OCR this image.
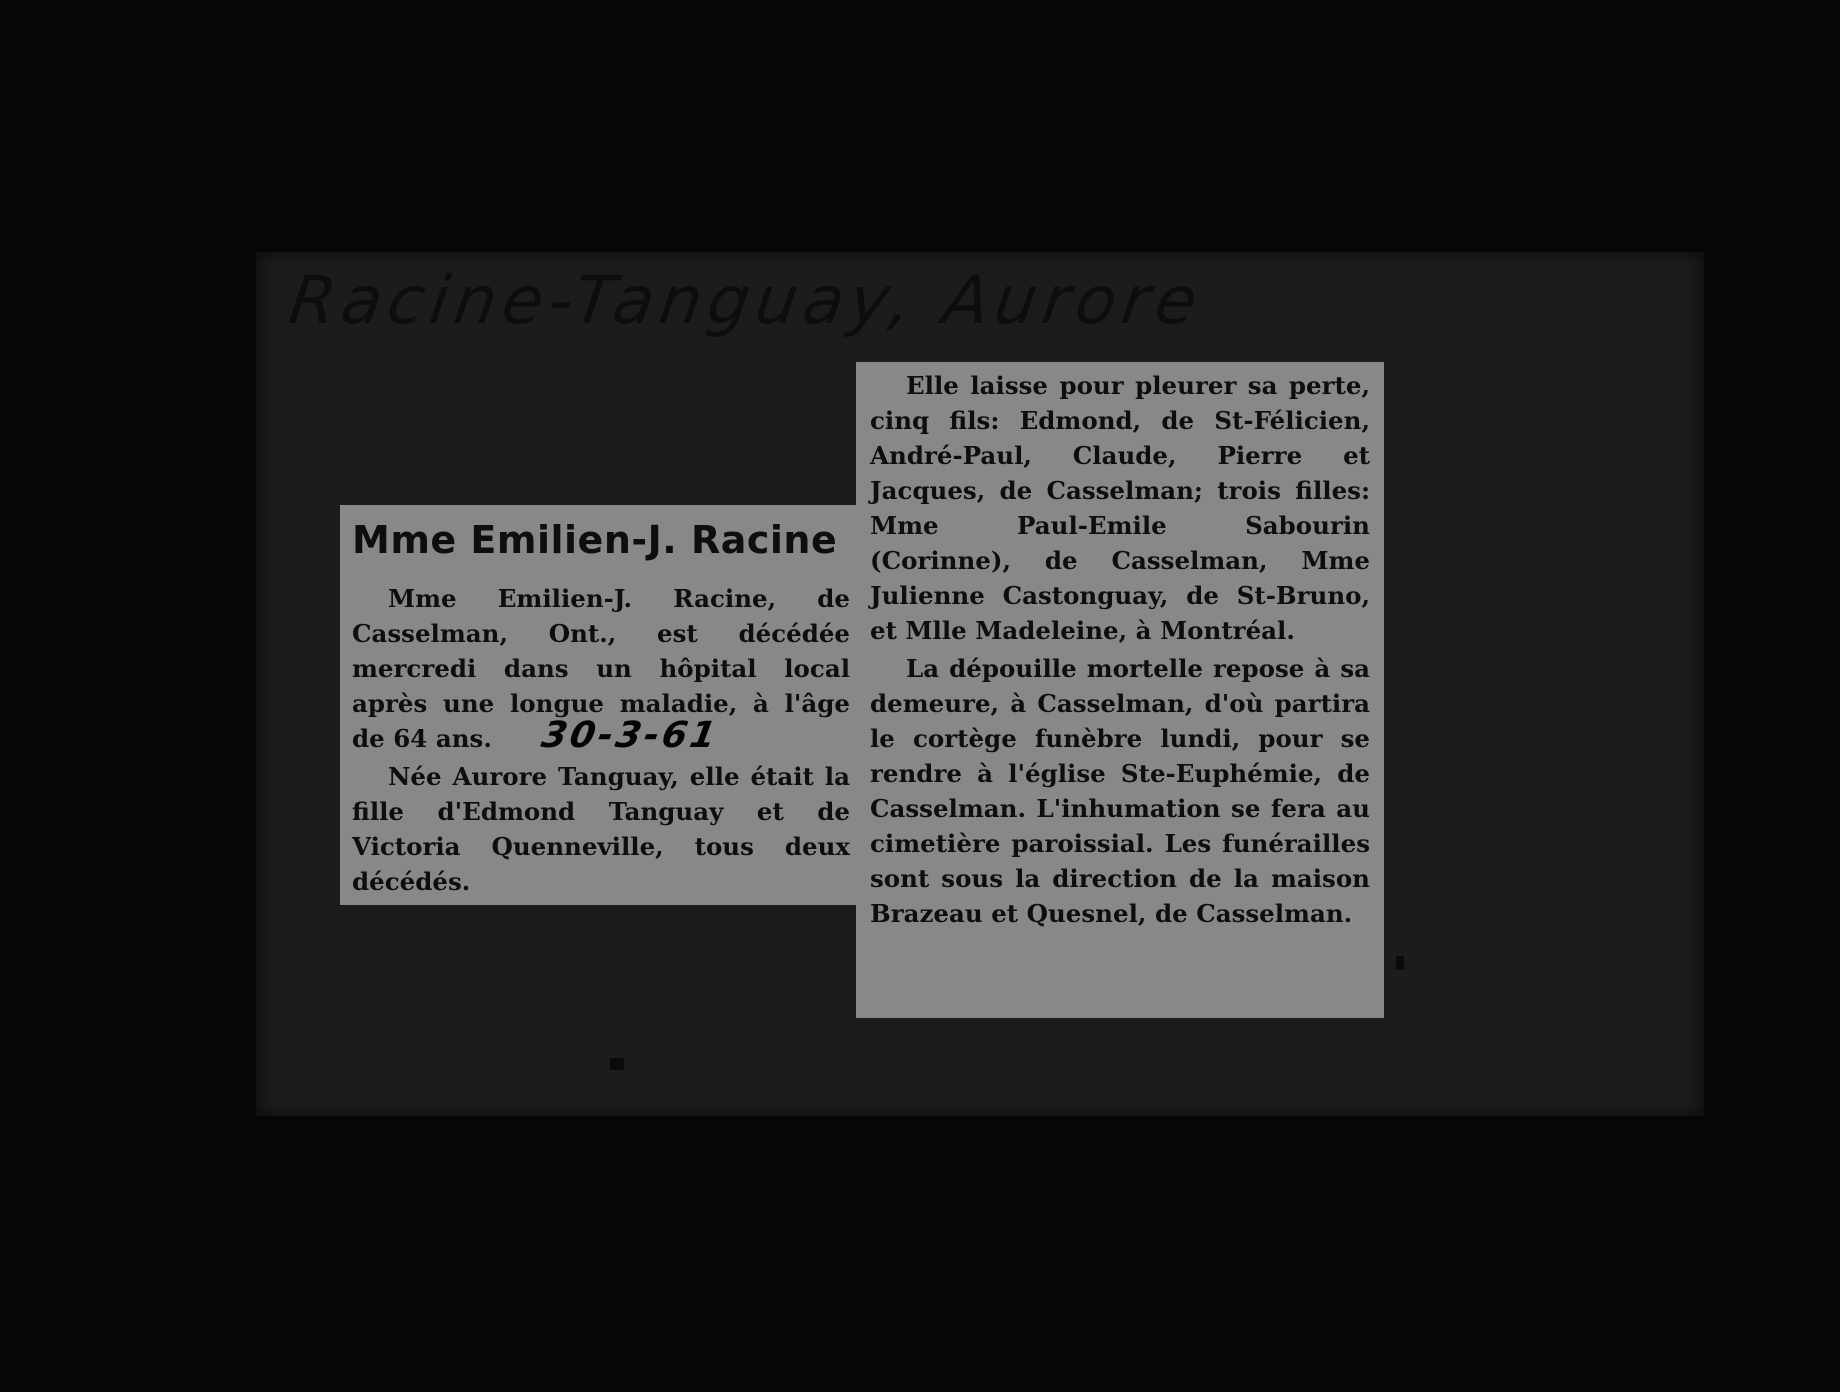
Racine-Tanguay, Aurore
Mme Emilien-J. Racine

Mme Emilien-J. Racine, de Casselman, Ont., est décédée mercredi dans un hôpital local après une longue maladie, à l'âge de 64 ans. 30-3-61

Née Aurore Tanguay, elle était la fille d'Edmond Tanguay et de Victoria Quenneville, tous deux décédés.

Elle laisse pour pleurer sa perte, cinq fils: Edmond, de St-Félicien, André-Paul, Claude, Pierre et Jacques, de Casselman; trois filles: Mme Paul-Emile Sabourin (Corinne), de Casselman, Mme Julienne Castonguay, de St-Bruno, et Mlle Madeleine, à Montréal.

La dépouille mortelle repose à sa demeure, à Casselman, d'où partira le cortège funèbre lundi, pour se rendre à l'église Ste-Euphémie, de Casselman. L'inhumation se fera au cimetière paroissial. Les funérailles sont sous la direction de la maison Brazeau et Quesnel, de Casselman.
